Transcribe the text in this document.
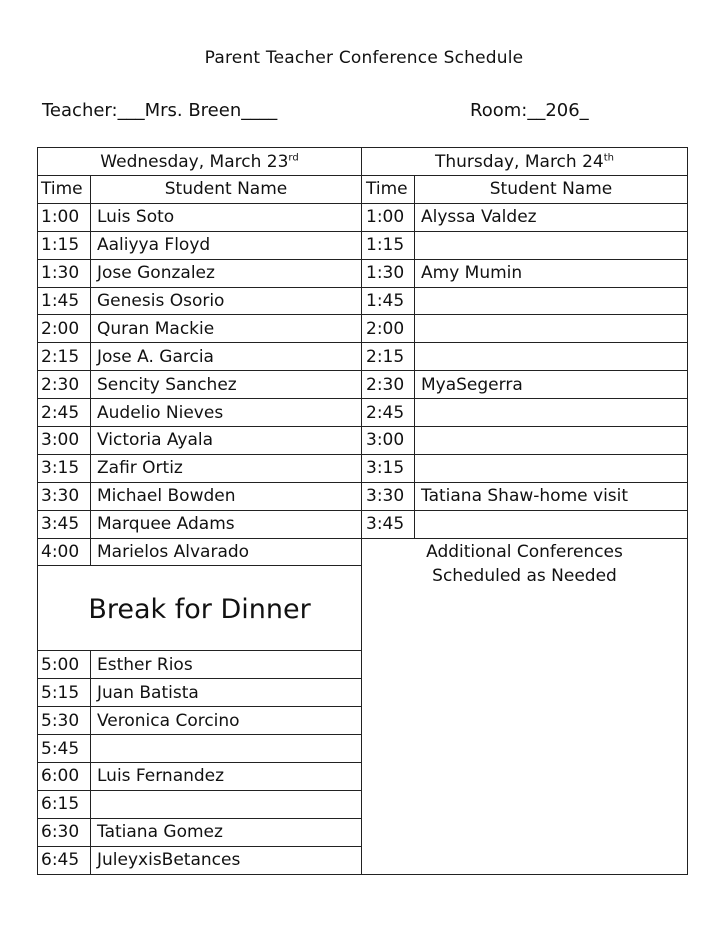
Parent Teacher Conference Schedule
Teacher:___Mrs. Breen____	Room:__206_
Wednesday, March 23rd		Thursday, March 24th
Time	Student Name	Time	Student Name
1:00	Luis Soto	1:00	Alyssa Valdez
1:15	Aaliyya Floyd	1:15	
1:30	Jose Gonzalez	1:30	Amy Mumin
1:45	Genesis Osorio	1:45	
2:00	Quran Mackie	2:00	
2:15	Jose A. Garcia	2:15	
2:30	Sencity Sanchez	2:30	MyaSegerra
2:45	Audelio Nieves	2:45	
3:00	Victoria Ayala	3:00	
3:15	Zafir Ortiz	3:15	
3:30	Michael Bowden	3:30	Tatiana Shaw-home visit
3:45	Marquee Adams	3:45	
4:00	Marielos Alvarado	Additional Conferences
Scheduled as Needed	

Break for Dinner			
5:00	Esther Rios		
5:15	Juan Batista		
5:30	Veronica Corcino		
5:45			
6:00	Luis Fernandez		
6:15			
6:30	Tatiana Gomez		
6:45	JuleyxisBetances		
